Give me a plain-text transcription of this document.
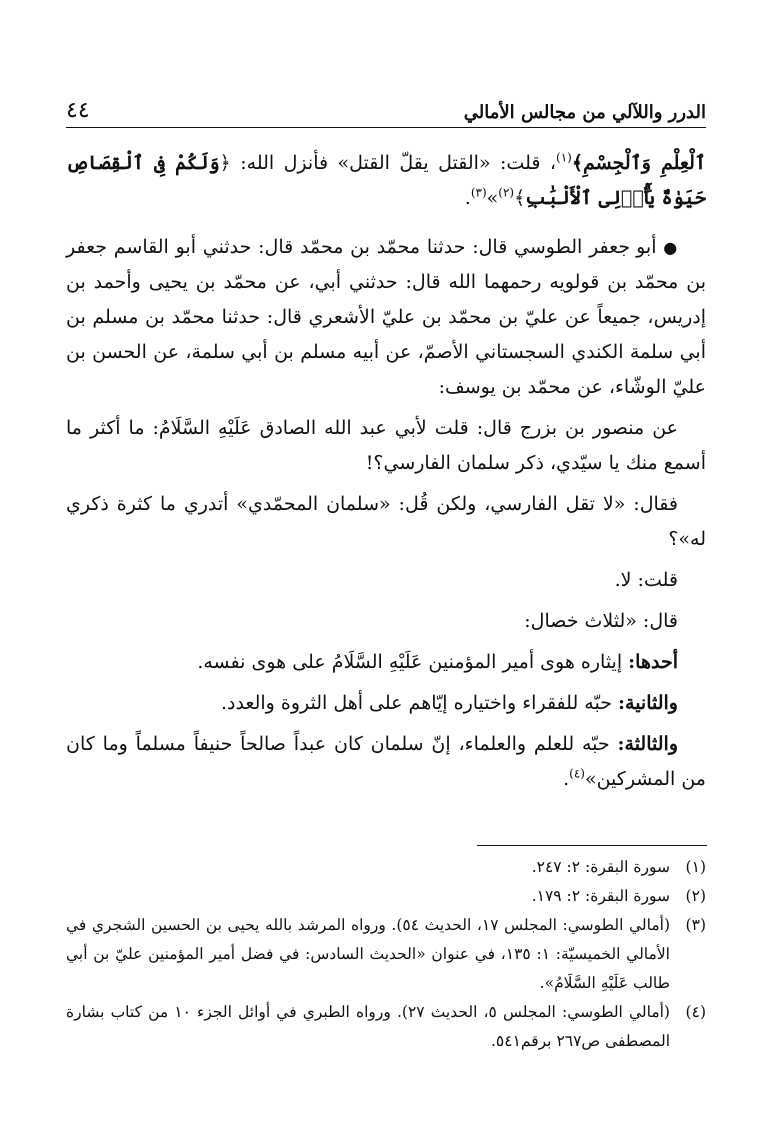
الدرر واللآلي من مجالس الأمالي
٤٤

ٱلْعِلْمِ وَٱلْجِسْمِ﴾$^{(١)}$، قلت: «القتل يقلّ القتل» فأنزل الله: ﴿وَلَكُمْ فِى ٱلْقِصَاصِ حَيَوٰةٌ يَٰٓأُو۟لِى ٱلْأَلْبَٰبِ﴾$^{(٢)}$»$^{(٣)}$.

● أبو جعفر الطوسي قال: حدثنا محمّد بن محمّد قال: حدثني أبو القاسم جعفر بن محمّد بن قولويه رحمهما الله قال: حدثني أبي، عن محمّد بن يحيى وأحمد بن إدريس، جميعاً عن عليّ بن محمّد بن عليّ الأشعري قال: حدثنا محمّد بن مسلم بن أبي سلمة الكندي السجستاني الأصمّ، عن أبيه مسلم بن أبي سلمة، عن الحسن بن عليّ الوشّاء، عن محمّد بن يوسف:

عن منصور بن بزرج قال: قلت لأبي عبد الله الصادق عَلَيْهِ السَّلَامُ: ما أكثر ما أسمع منك يا سيّدي، ذكر سلمان الفارسي؟!

فقال: «لا تقل الفارسي، ولكن قُل: «سلمان المحمّدي» أتدري ما كثرة ذكري له»؟

قلت: لا.

قال: «لثلاث خصال:

أحدها: إيثاره هوى أمير المؤمنين عَلَيْهِ السَّلَامُ على هوى نفسه.

والثانية: حبّه للفقراء واختياره إيّاهم على أهل الثروة والعدد.

والثالثة: حبّه للعلم والعلماء، إنّ سلمان كان عبداً صالحاً حنيفاً مسلماً وما كان من المشركين»$^{(٤)}$.

(١)
سورة البقرة: ٢: ٢٤٧.
(٢)
سورة البقرة: ٢: ١٧٩.
(٣)
(أمالي الطوسي: المجلس ١٧، الحديث ٥٤). ورواه المرشد بالله يحيى بن الحسين الشجري في الأمالي الخميسيّة: ١: ١٣٥، في عنوان «الحديث السادس: في فضل أمير المؤمنين عليّ بن أبي طالب عَلَيْهِ السَّلَامُ».
(٤)
(أمالي الطوسي: المجلس ٥، الحديث ٢٧). ورواه الطبري في أوائل الجزء ١٠ من كتاب بشارة المصطفى ص٢٦٧ برقم٥٤١.
